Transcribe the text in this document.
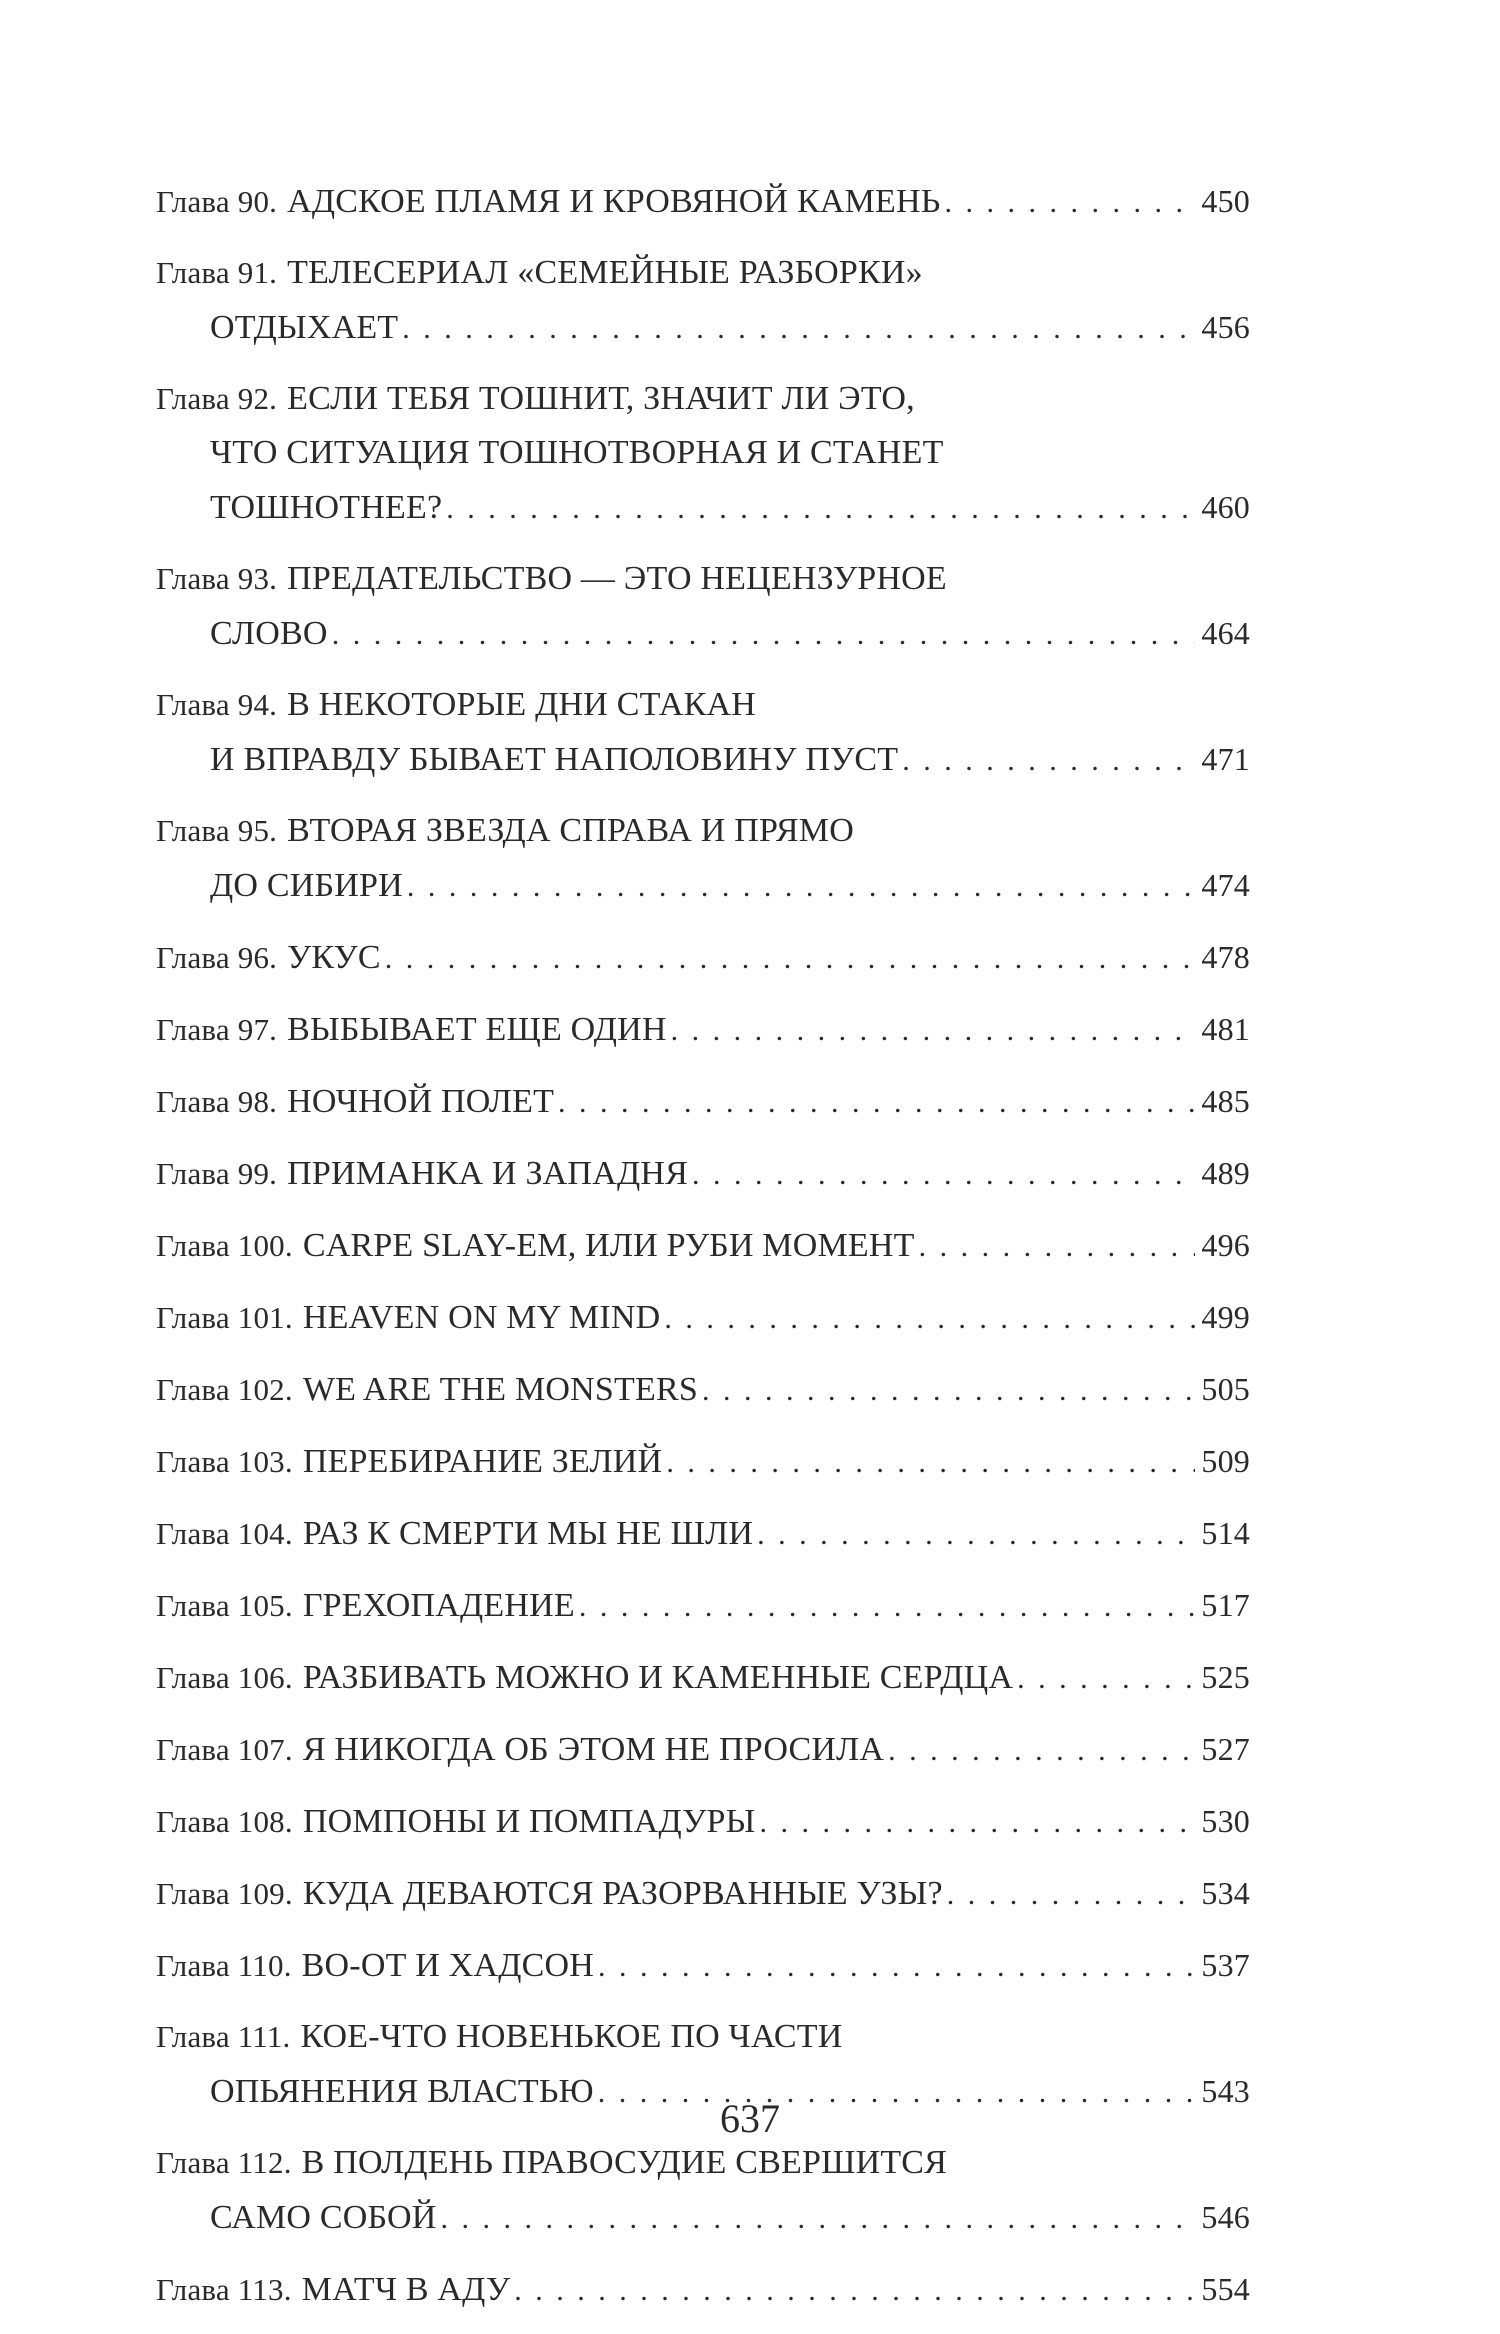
Глава 90. АДСКОЕ ПЛАМЯ И КРОВЯНОЙ КАМЕНЬ . . .	450
Глава 91. ТЕЛЕСЕРИАЛ «СЕМЕЙНЫЕ РАЗБОРКИ»
ОТДЫХАЕТ . . .	456
Глава 92. ЕСЛИ ТЕБЯ ТОШНИТ, ЗНАЧИТ ЛИ ЭТО,
ЧТО СИТУАЦИЯ ТОШНОТВОРНАЯ И СТАНЕТ
ТОШНОТНЕЕ? . . .	460
Глава 93. ПРЕДАТЕЛЬСТВО — ЭТО НЕЦЕНЗУРНОЕ
СЛОВО . . .	464
Глава 94. В НЕКОТОРЫЕ ДНИ СТАКАН
И ВПРАВДУ БЫВАЕТ НАПОЛОВИНУ ПУСТ . . .	471
Глава 95. ВТОРАЯ ЗВЕЗДА СПРАВА И ПРЯМО
ДО СИБИРИ . . .	474
Глава 96. УКУС . . .	478
Глава 97. ВЫБЫВАЕТ ЕЩЕ ОДИН . . .	481
Глава 98. НОЧНОЙ ПОЛЕТ . . .	485
Глава 99. ПРИМАНКА И ЗАПАДНЯ . . .	489
Глава 100. CARPE SLAY-EM, ИЛИ РУБИ МОМЕНТ . . .	496
Глава 101. HEAVEN ON MY MIND . . .	499
Глава 102. WE ARE THE MONSTERS . . .	505
Глава 103. ПЕРЕБИРАНИЕ ЗЕЛИЙ . . .	509
Глава 104. РАЗ К СМЕРТИ МЫ НЕ ШЛИ . . .	514
Глава 105. ГРЕХОПАДЕНИЕ . . .	517
Глава 106. РАЗБИВАТЬ МОЖНО И КАМЕННЫЕ СЕРДЦА . . .	525
Глава 107. Я НИКОГДА ОБ ЭТОМ НЕ ПРОСИЛА . . .	527
Глава 108. ПОМПОНЫ И ПОМПАДУРЫ . . .	530
Глава 109. КУДА ДЕВАЮТСЯ РАЗОРВАННЫЕ УЗЫ? . . .	534
Глава 110. ВО-ОТ И ХАДСОН . . .	537
Глава 111. КОЕ-ЧТО НОВЕНЬКОЕ ПО ЧАСТИ
ОПЬЯНЕНИЯ ВЛАСТЬЮ . . .	543
Глава 112. В ПОЛДЕНЬ ПРАВОСУДИЕ СВЕРШИТСЯ
САМО СОБОЙ . . .	546
Глава 113. МАТЧ В АДУ . . .	554
637
